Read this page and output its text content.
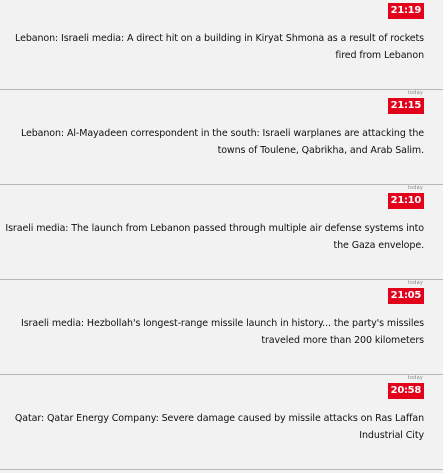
21:19

Lebanon: Israeli media: A direct hit on a building in Kiryat Shmona as a result of rockets fired from Lebanon

today
21:15

Lebanon: Al-Mayadeen correspondent in the south: Israeli warplanes are attacking the towns of Toulene, Qabrikha, and Arab Salim.

today
21:10

Israeli media: The launch from Lebanon passed through multiple air defense systems into the Gaza envelope.

today
21:05

Israeli media: Hezbollah's longest-range missile launch in history... the party's missiles traveled more than 200 kilometers

today
20:58

Qatar: Qatar Energy Company: Severe damage caused by missile attacks on Ras Laffan Industrial City
